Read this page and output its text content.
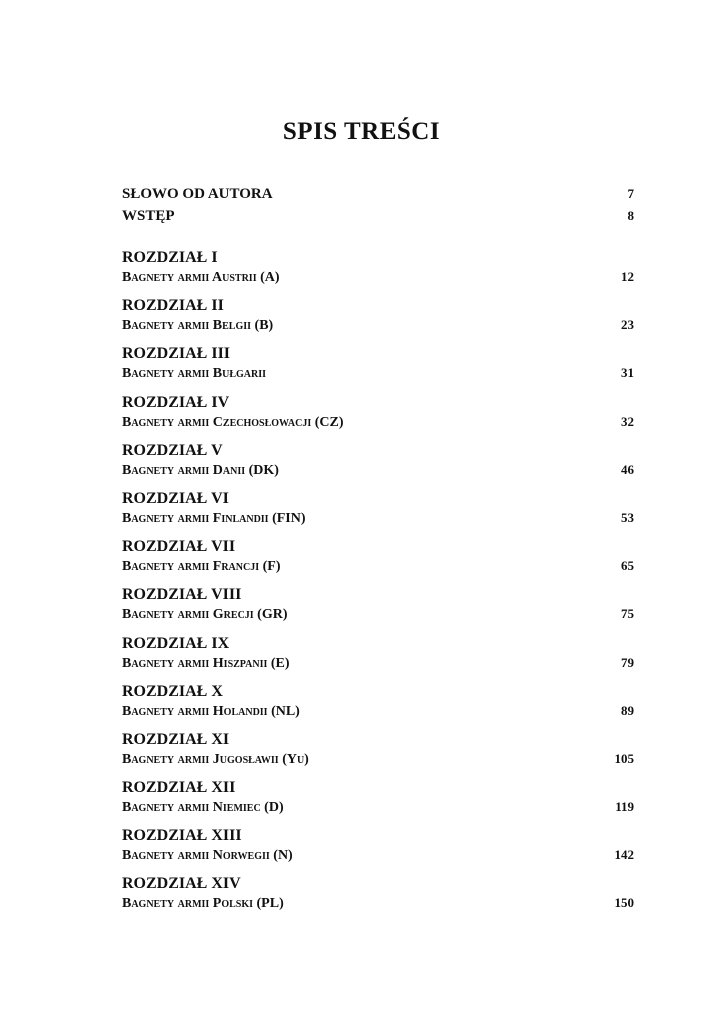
SPIS TREŚCI
SŁOWO OD AUTORA	7
WSTĘP	8
ROZDZIAŁ I
Bagnety armii Austrii (A)	12
ROZDZIAŁ II
Bagnety armii Belgii (B)	23
ROZDZIAŁ III
Bagnety armii Bułgarii	31
ROZDZIAŁ IV
Bagnety armii Czechosłowacji (CZ)	32
ROZDZIAŁ V
Bagnety armii Danii (DK)	46
ROZDZIAŁ VI
Bagnety armii Finlandii (FIN)	53
ROZDZIAŁ VII
Bagnety armii Francji (F)	65
ROZDZIAŁ VIII
Bagnety armii Grecji (GR)	75
ROZDZIAŁ IX
Bagnety armii Hiszpanii (E)	79
ROZDZIAŁ X
Bagnety armii Holandii (NL)	89
ROZDZIAŁ XI
Bagnety armii Jugosławii (Yu)	105
ROZDZIAŁ XII
Bagnety armii Niemiec (D)	119
ROZDZIAŁ XIII
Bagnety armii Norwegii (N)	142
ROZDZIAŁ XIV
Bagnety armii Polski (PL)	150
